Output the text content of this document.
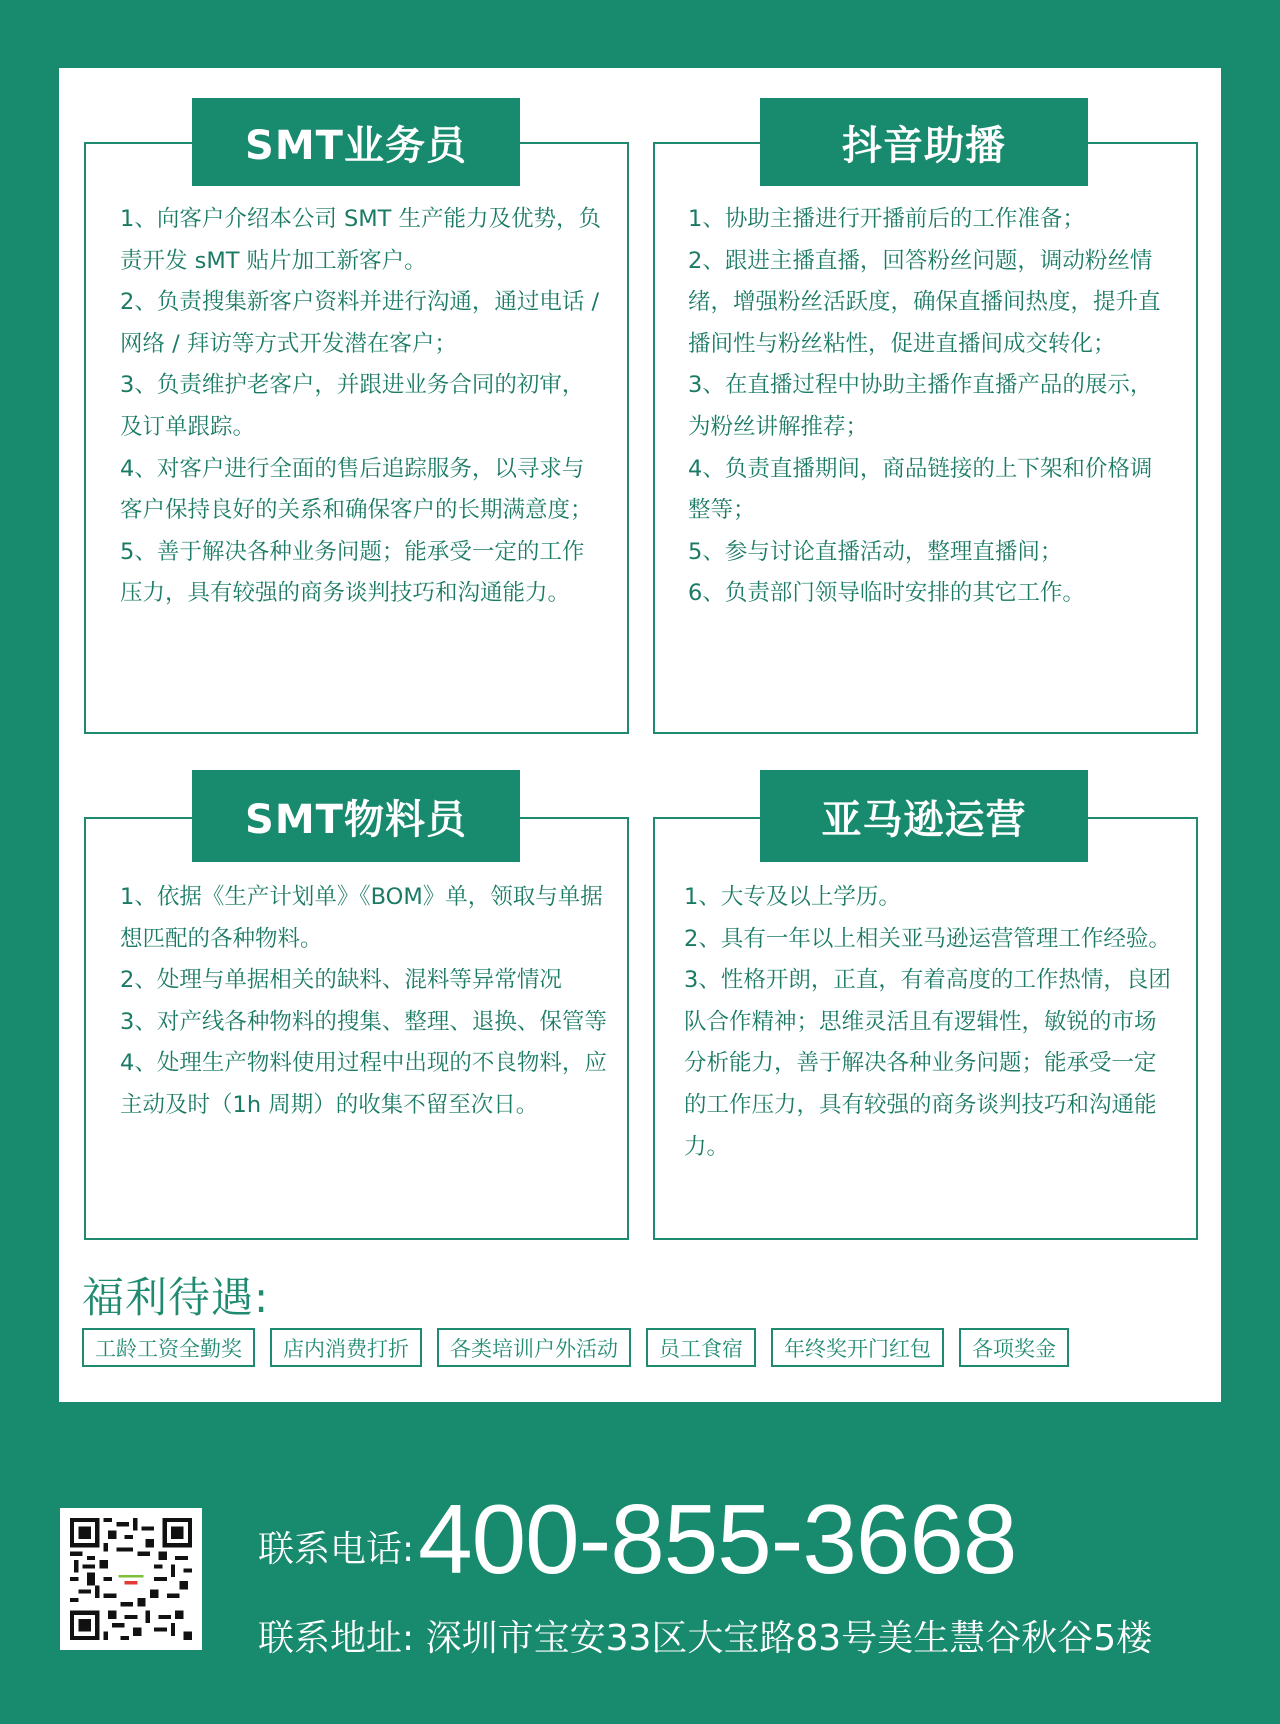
SMT业务员

1、向客户介绍本公司 SMT 生产能力及优势，负责开发 sMT 贴片加工新客户。

2、负责搜集新客户资料并进行沟通，通过电话 / 网络 / 拜访等方式开发潜在客户；

3、负责维护老客户，并跟进业务合同的初审，及订单跟踪。

4、对客户进行全面的售后追踪服务，以寻求与客户保持良好的关系和确保客户的长期满意度；

5、善于解决各种业务问题；能承受一定的工作压力，具有较强的商务谈判技巧和沟通能力。

抖音助播

1、协助主播进行开播前后的工作准备；

2、跟进主播直播，回答粉丝问题，调动粉丝情绪，增强粉丝活跃度，确保直播间热度，提升直播间性与粉丝粘性，促进直播间成交转化；

3、在直播过程中协助主播作直播产品的展示，为粉丝讲解推荐；

4、负责直播期间，商品链接的上下架和价格调整等；

5、参与讨论直播活动，整理直播间；

6、负责部门领导临时安排的其它工作。

SMT物料员

1、依据《生产计划单》《BOM》单，领取与单据想匹配的各种物料。

2、处理与单据相关的缺料、混料等异常情况

3、对产线各种物料的搜集、整理、退换、保管等

4、处理生产物料使用过程中出现的不良物料，应主动及时（1h 周期）的收集不留至次日。

亚马逊运营

1、大专及以上学历。

2、具有一年以上相关亚马逊运营管理工作经验。

3、性格开朗，正直，有着高度的工作热情，良团队合作精神；思维灵活且有逻辑性，敏锐的市场分析能力，善于解决各种业务问题；能承受一定的工作压力，具有较强的商务谈判技巧和沟通能力。

福利待遇:
工龄工资全勤奖	店内消费打折	各类培训户外活动	员工食宿	年终奖开门红包	各项奖金
联系电话: 400-855-3668
联系地址: 深圳市宝安33区大宝路83号美生慧谷秋谷5楼
